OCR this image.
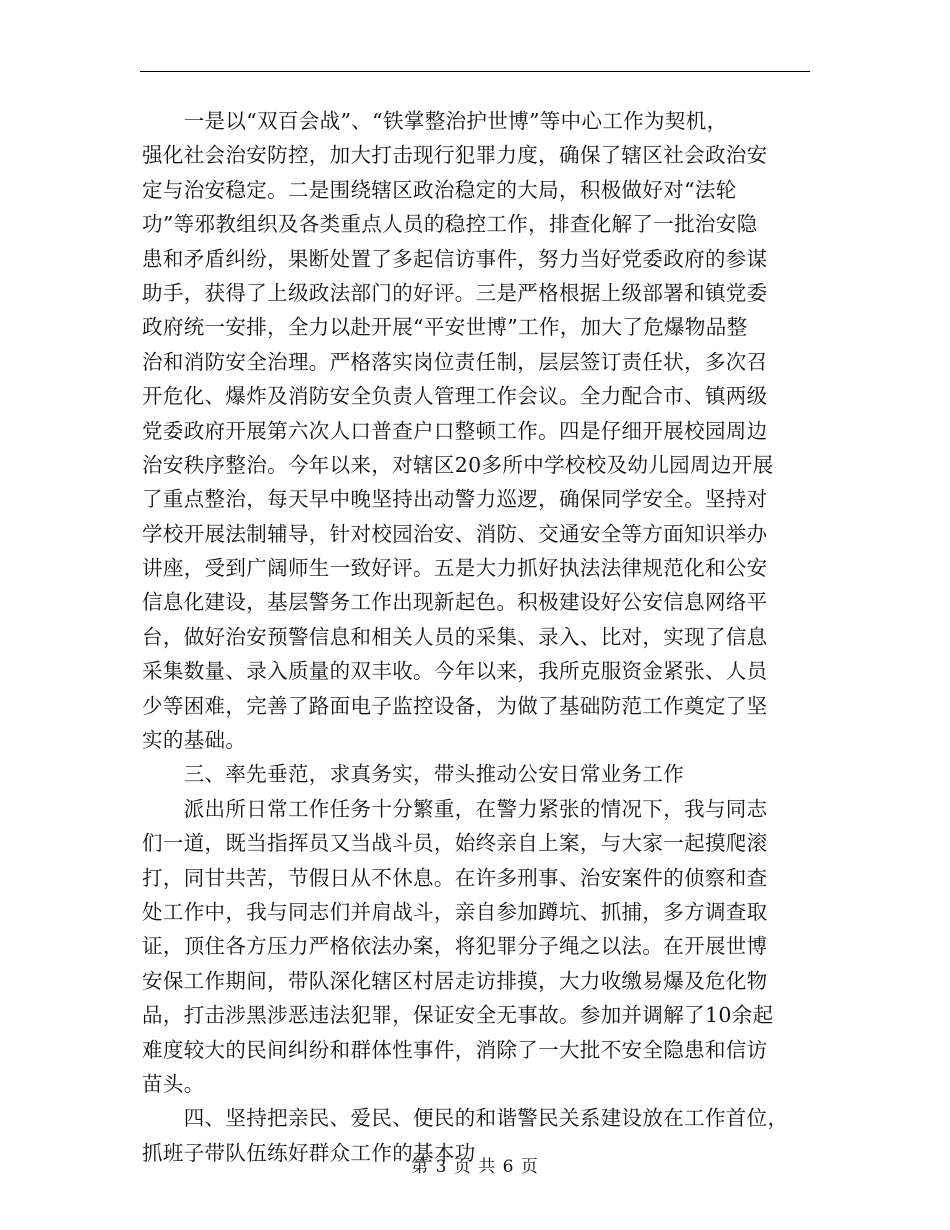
　　一是以“双百会战”、“铁掌整治护世博”等中心工作为契机，
强化社会治安防控，加大打击现行犯罪力度，确保了辖区社会政治安
定与治安稳定。二是围绕辖区政治稳定的大局，积极做好对“法轮
功”等邪教组织及各类重点人员的稳控工作，排查化解了一批治安隐
患和矛盾纠纷，果断处置了多起信访事件，努力当好党委政府的参谋
助手，获得了上级政法部门的好评。三是严格根据上级部署和镇党委
政府统一安排，全力以赴开展“平安世博”工作，加大了危爆物品整
治和消防安全治理。严格落实岗位责任制，层层签订责任状，多次召
开危化、爆炸及消防安全负责人管理工作会议。全力配合市、镇两级
党委政府开展第六次人口普查户口整顿工作。四是仔细开展校园周边
治安秩序整治。今年以来，对辖区20多所中学校校及幼儿园周边开展
了重点整治，每天早中晚坚持出动警力巡逻，确保同学安全。坚持对
学校开展法制辅导，针对校园治安、消防、交通安全等方面知识举办
讲座，受到广阔师生一致好评。五是大力抓好执法法律规范化和公安
信息化建设，基层警务工作出现新起色。积极建设好公安信息网络平
台，做好治安预警信息和相关人员的采集、录入、比对，实现了信息
采集数量、录入质量的双丰收。今年以来，我所克服资金紧张、人员
少等困难，完善了路面电子监控设备，为做了基础防范工作奠定了坚
实的基础。
　　三、率先垂范，求真务实，带头推动公安日常业务工作
　　派出所日常工作任务十分繁重，在警力紧张的情况下，我与同志
们一道，既当指挥员又当战斗员，始终亲自上案，与大家一起摸爬滚
打，同甘共苦，节假日从不休息。在许多刑事、治安案件的侦察和查
处工作中，我与同志们并肩战斗，亲自参加蹲坑、抓捕，多方调查取
证，顶住各方压力严格依法办案，将犯罪分子绳之以法。在开展世博
安保工作期间，带队深化辖区村居走访排摸，大力收缴易爆及危化物
品，打击涉黑涉恶违法犯罪，保证安全无事故。参加并调解了10余起
难度较大的民间纠纷和群体性事件，消除了一大批不安全隐患和信访
苗头。
　　四、坚持把亲民、爱民、便民的和谐警民关系建设放在工作首位，
抓班子带队伍练好群众工作的基本功
第 3 页 共 6 页
